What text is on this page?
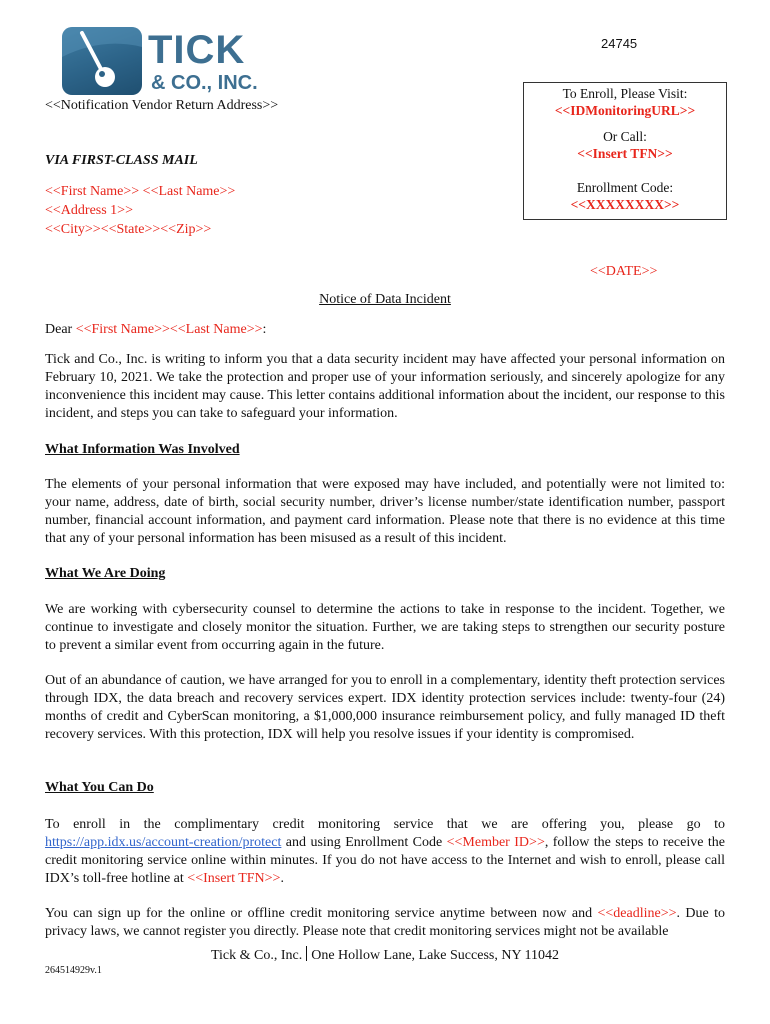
TICK
& CO., INC.
24745
<<Notification Vendor Return Address>>
To Enroll, Please Visit:
<<IDMonitoringURL>>
Or Call:
<<Insert TFN>>
Enrollment Code:
<<XXXXXXXX>>
VIA FIRST-CLASS MAIL
<<First Name>> <<Last Name>>
<<Address 1>>
<<City>><<State>><<Zip>>
<<DATE>>
Notice of Data Incident
Dear <<First Name>><<Last Name>>:
Tick and Co., Inc. is writing to inform you that a data security incident may have affected your personal information on February 10, 2021. We take the protection and proper use of your information seriously, and sincerely apologize for any inconvenience this incident may cause. This letter contains additional information about the incident, our response to this incident, and steps you can take to safeguard your information.
What Information Was Involved
The elements of your personal information that were exposed may have included, and potentially were not limited to: your name, address, date of birth, social security number, driver’s license number/state identification number, passport number, financial account information, and payment card information. Please note that there is no evidence at this time that any of your personal information has been misused as a result of this incident.
What We Are Doing
We are working with cybersecurity counsel to determine the actions to take in response to the incident. Together, we continue to investigate and closely monitor the situation. Further, we are taking steps to strengthen our security posture to prevent a similar event from occurring again in the future.
Out of an abundance of caution, we have arranged for you to enroll in a complementary, identity theft protection services through IDX, the data breach and recovery services expert. IDX identity protection services include: twenty-four (24) months of credit and CyberScan monitoring, a $1,000,000 insurance reimbursement policy, and fully managed ID theft recovery services. With this protection, IDX will help you resolve issues if your identity is compromised.
What You Can Do
To enroll in the complimentary credit monitoring service that we are offering you, please go to https://app.idx.us/account-creation/protect and using Enrollment Code <<Member ID>>, follow the steps to receive the credit monitoring service online within minutes. If you do not have access to the Internet and wish to enroll, please call IDX’s toll-free hotline at <<Insert TFN>>.
You can sign up for the online or offline credit monitoring service anytime between now and <<deadline>>. Due to privacy laws, we cannot register you directly. Please note that credit monitoring services might not be available
Tick & Co., Inc. One Hollow Lane, Lake Success, NY 11042
264514929v.1
